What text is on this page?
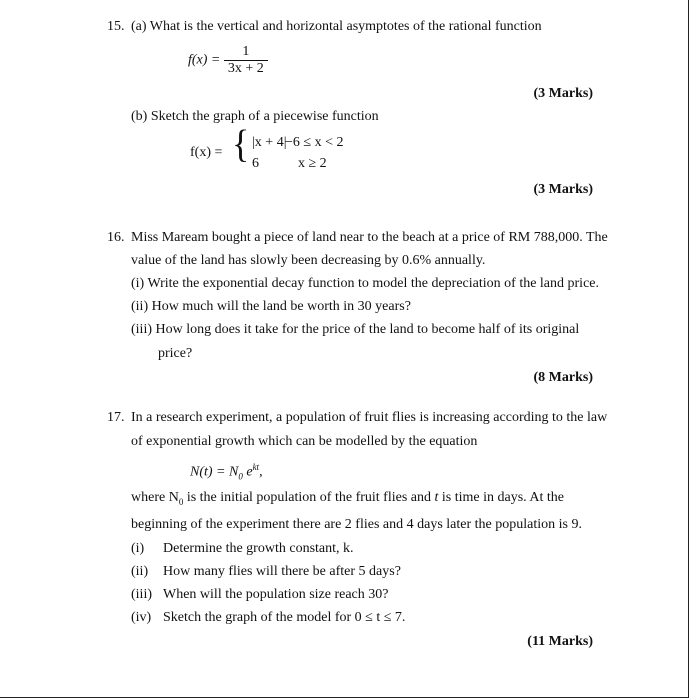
15. (a) What is the vertical and horizontal asymptotes of the rational function
$f(x) = \frac{1}{3x + 2}$
(3 Marks)
(b) Sketch the graph of a piecewise function
f(x) = { |x + 4|
−6 ≤ x < 2
6	x ≥ 2
(3 Marks)
16. Miss Maream bought a piece of land near to the beach at a price of RM 788,000. The
value of the land has slowly been decreasing by 0.6% annually.
(i) Write the exponential decay function to model the depreciation of the land price.
(ii) How much will the land be worth in 30 years?
(iii) How long does it take for the price of the land to become half of its original
price?
(8 Marks)
17. In a research experiment, a population of fruit flies is increasing according to the law
of exponential growth which can be modelled by the equation
$N(t) = N_0$ $e^{kt}$,
where $N_0$ is the initial population of the fruit flies and t is time in days. At the
beginning of the experiment there are 2 flies and 4 days later the population is 9.
(i) Determine the growth constant, k.
(ii) How many flies will there be after 5 days?
(iii) When will the population size reach 30?
(iv) Sketch the graph of the model for 0 ≤ t ≤ 7.
(11 Marks)
